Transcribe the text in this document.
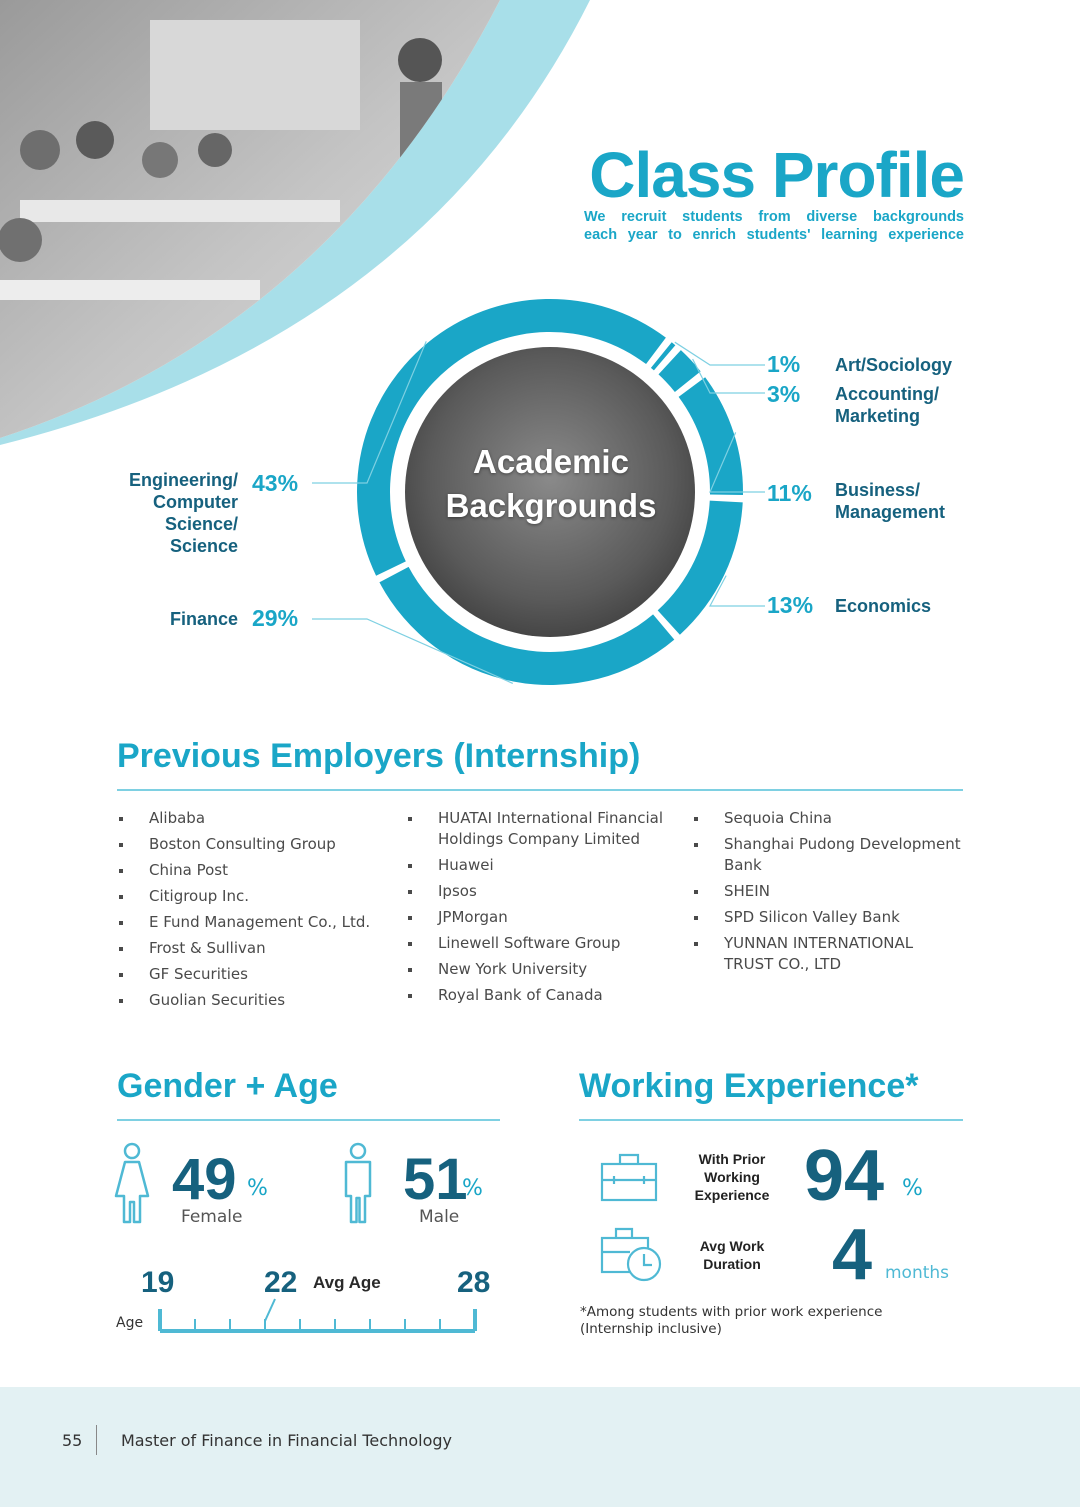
Class Profile
We recruit students from diverse backgrounds
each year to enrich students' learning experience
Academic
Backgrounds
1% Art/Sociology
3% Accounting/
Marketing
11% Business/
Management
13% Economics
Finance 29%
Engineering/
Computer
Science/
Science
43%
Previous Employers (Internship)
Alibaba
Boston Consulting Group
China Post
Citigroup Inc.
E Fund Management Co., Ltd.
Frost & Sullivan
GF Securities
Guolian Securities
HUATAI International Financial Holdings Company Limited
Huawei
Ipsos
JPMorgan
Linewell Software Group
New York University
Royal Bank of Canada
Sequoia China
Shanghai Pudong Development Bank
SHEIN
SPD Silicon Valley Bank
YUNNAN INTERNATIONAL TRUST CO., LTD
Gender + Age
49 %
Female
51
%
Male
19	22 Avg Age	28
Age
Working Experience*
With Prior
Working
Experience 94 %
Avg Work
Duration 4 months
*Among students with prior work experience
(Internship inclusive)
55 Master of Finance in Financial Technology
